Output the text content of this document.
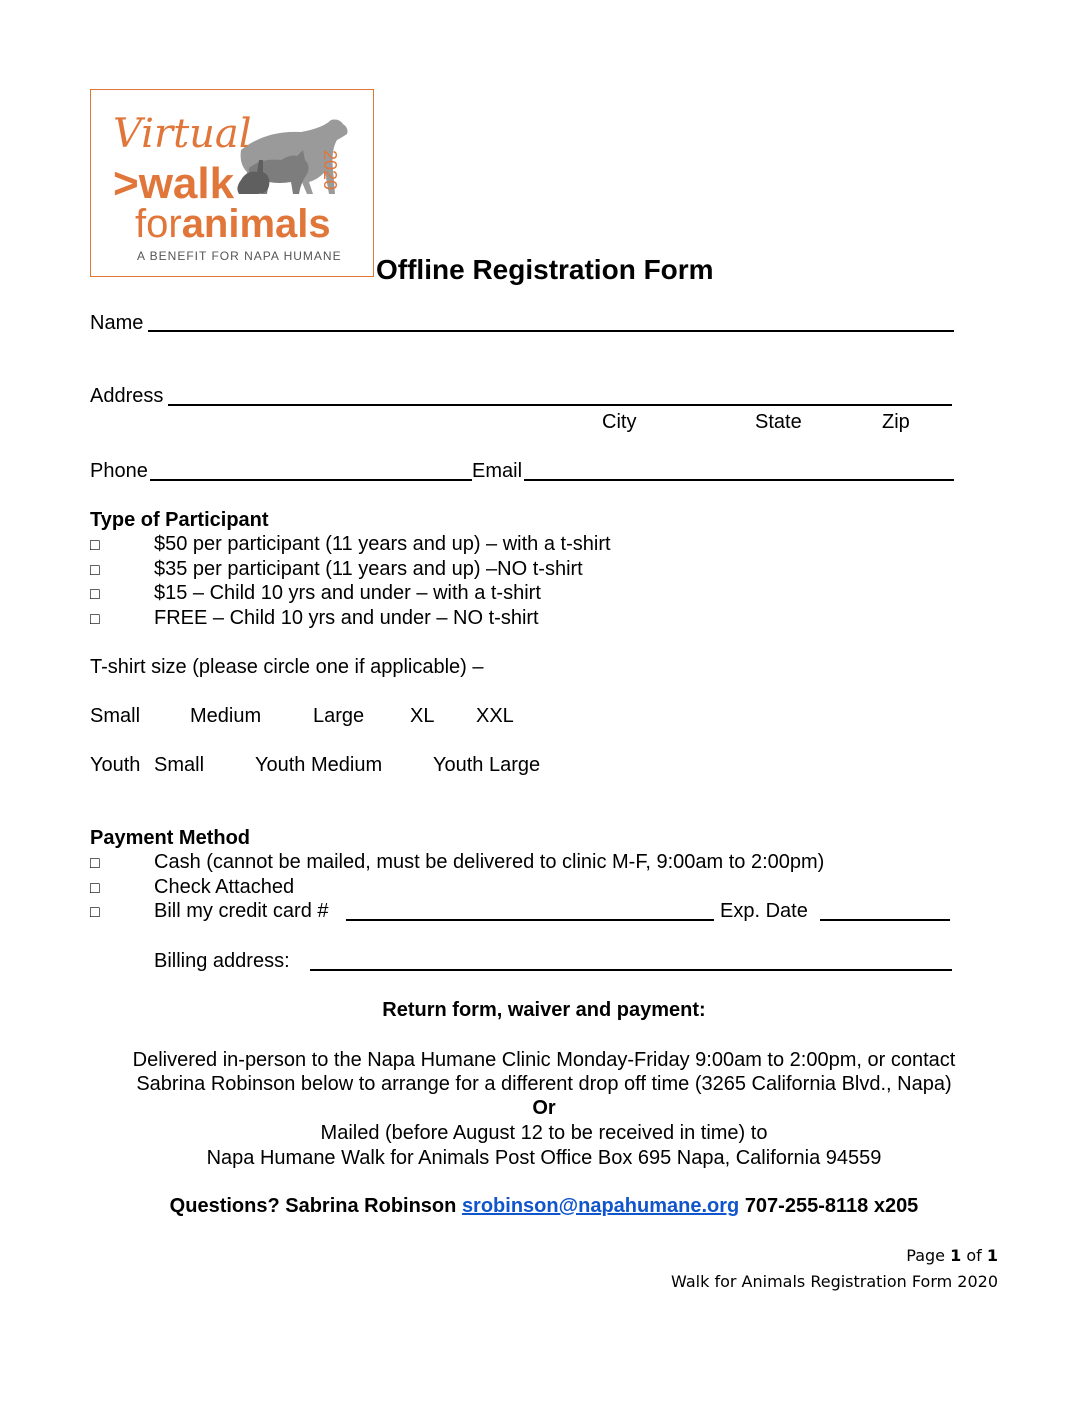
Virtual
>walk
foranimals
2020
A BENEFIT FOR NAPA HUMANE Offline Registration Form
Name
Address
City	State	Zip
Phone	Email
Type of Participant
□	$50 per participant (11 years and up) – with a t-shirt
□	$35 per participant (11 years and up) –NO t-shirt
□	$15 – Child 10 yrs and under – with a t-shirt
□	FREE – Child 10 yrs and under – NO t-shirt
T-shirt size (please circle one if applicable) –
Small Medium	Large XL XXL
Youth Small	Youth Medium	Youth Large
Payment Method
□	Cash (cannot be mailed, must be delivered to clinic M-F, 9:00am to 2:00pm)
□	Check Attached
□	Bill my credit card #	Exp. Date
Billing address:
Return form, waiver and payment:
Delivered in-person to the Napa Humane Clinic Monday-Friday 9:00am to 2:00pm, or contact
Sabrina Robinson below to arrange for a different drop off time (3265 California Blvd., Napa)
Or
Mailed (before August 12 to be received in time) to
Napa Humane Walk for Animals Post Office Box 695 Napa, California 94559
Questions? Sabrina Robinson srobinson@napahumane.org 707-255-8118 x205
Page 1 of 1
Walk for Animals Registration Form 2020
